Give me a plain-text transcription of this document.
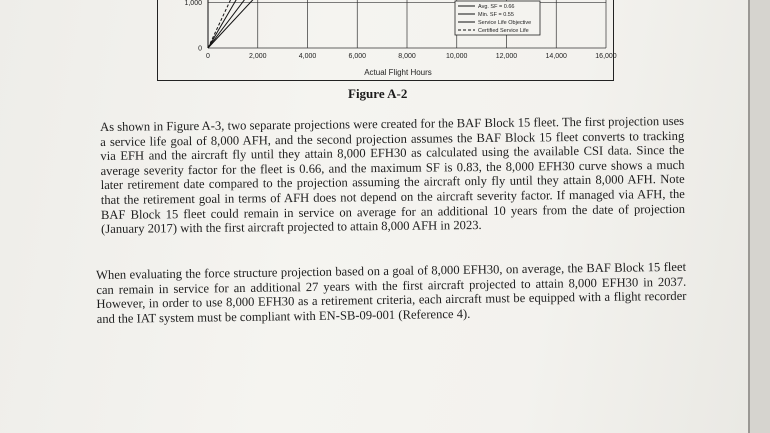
0	2,000	4,000	6,000	8,000	10,000	12,000	14,000	16,000
0
1,000
Avg. SF = 0.66
Min. SF = 0.55
Service Life Objective
Certified Service Life
Actual Flight Hours
Figure A-2

As shown in Figure A-3, two separate projections were created for the BAF Block 15 fleet. The first projection uses a service life goal of 8,000 AFH, and the second projection assumes the BAF Block 15 fleet converts to tracking via EFH and the aircraft fly until they attain 8,000 EFH30 as calculated using the available CSI data. Since the average severity factor for the fleet is 0.66, and the maximum SF is 0.83, the 8,000 EFH30 curve shows a much later retirement date compared to the projection assuming the aircraft only fly until they attain 8,000 AFH. Note that the retirement goal in terms of AFH does not depend on the aircraft severity factor. If managed via AFH, the BAF Block 15 fleet could remain in service on average for an additional 10 years from the date of projection (January 2017) with the first aircraft projected to attain 8,000 AFH in 2023.

When evaluating the force structure projection based on a goal of 8,000 EFH30, on average, the BAF Block 15 fleet can remain in service for an additional 27 years with the first aircraft projected to attain 8,000 EFH30 in 2037. However, in order to use 8,000 EFH30 as a retirement criteria, each aircraft must be equipped with a flight recorder and the IAT system must be compliant with EN-SB-09-001 (Reference 4).
